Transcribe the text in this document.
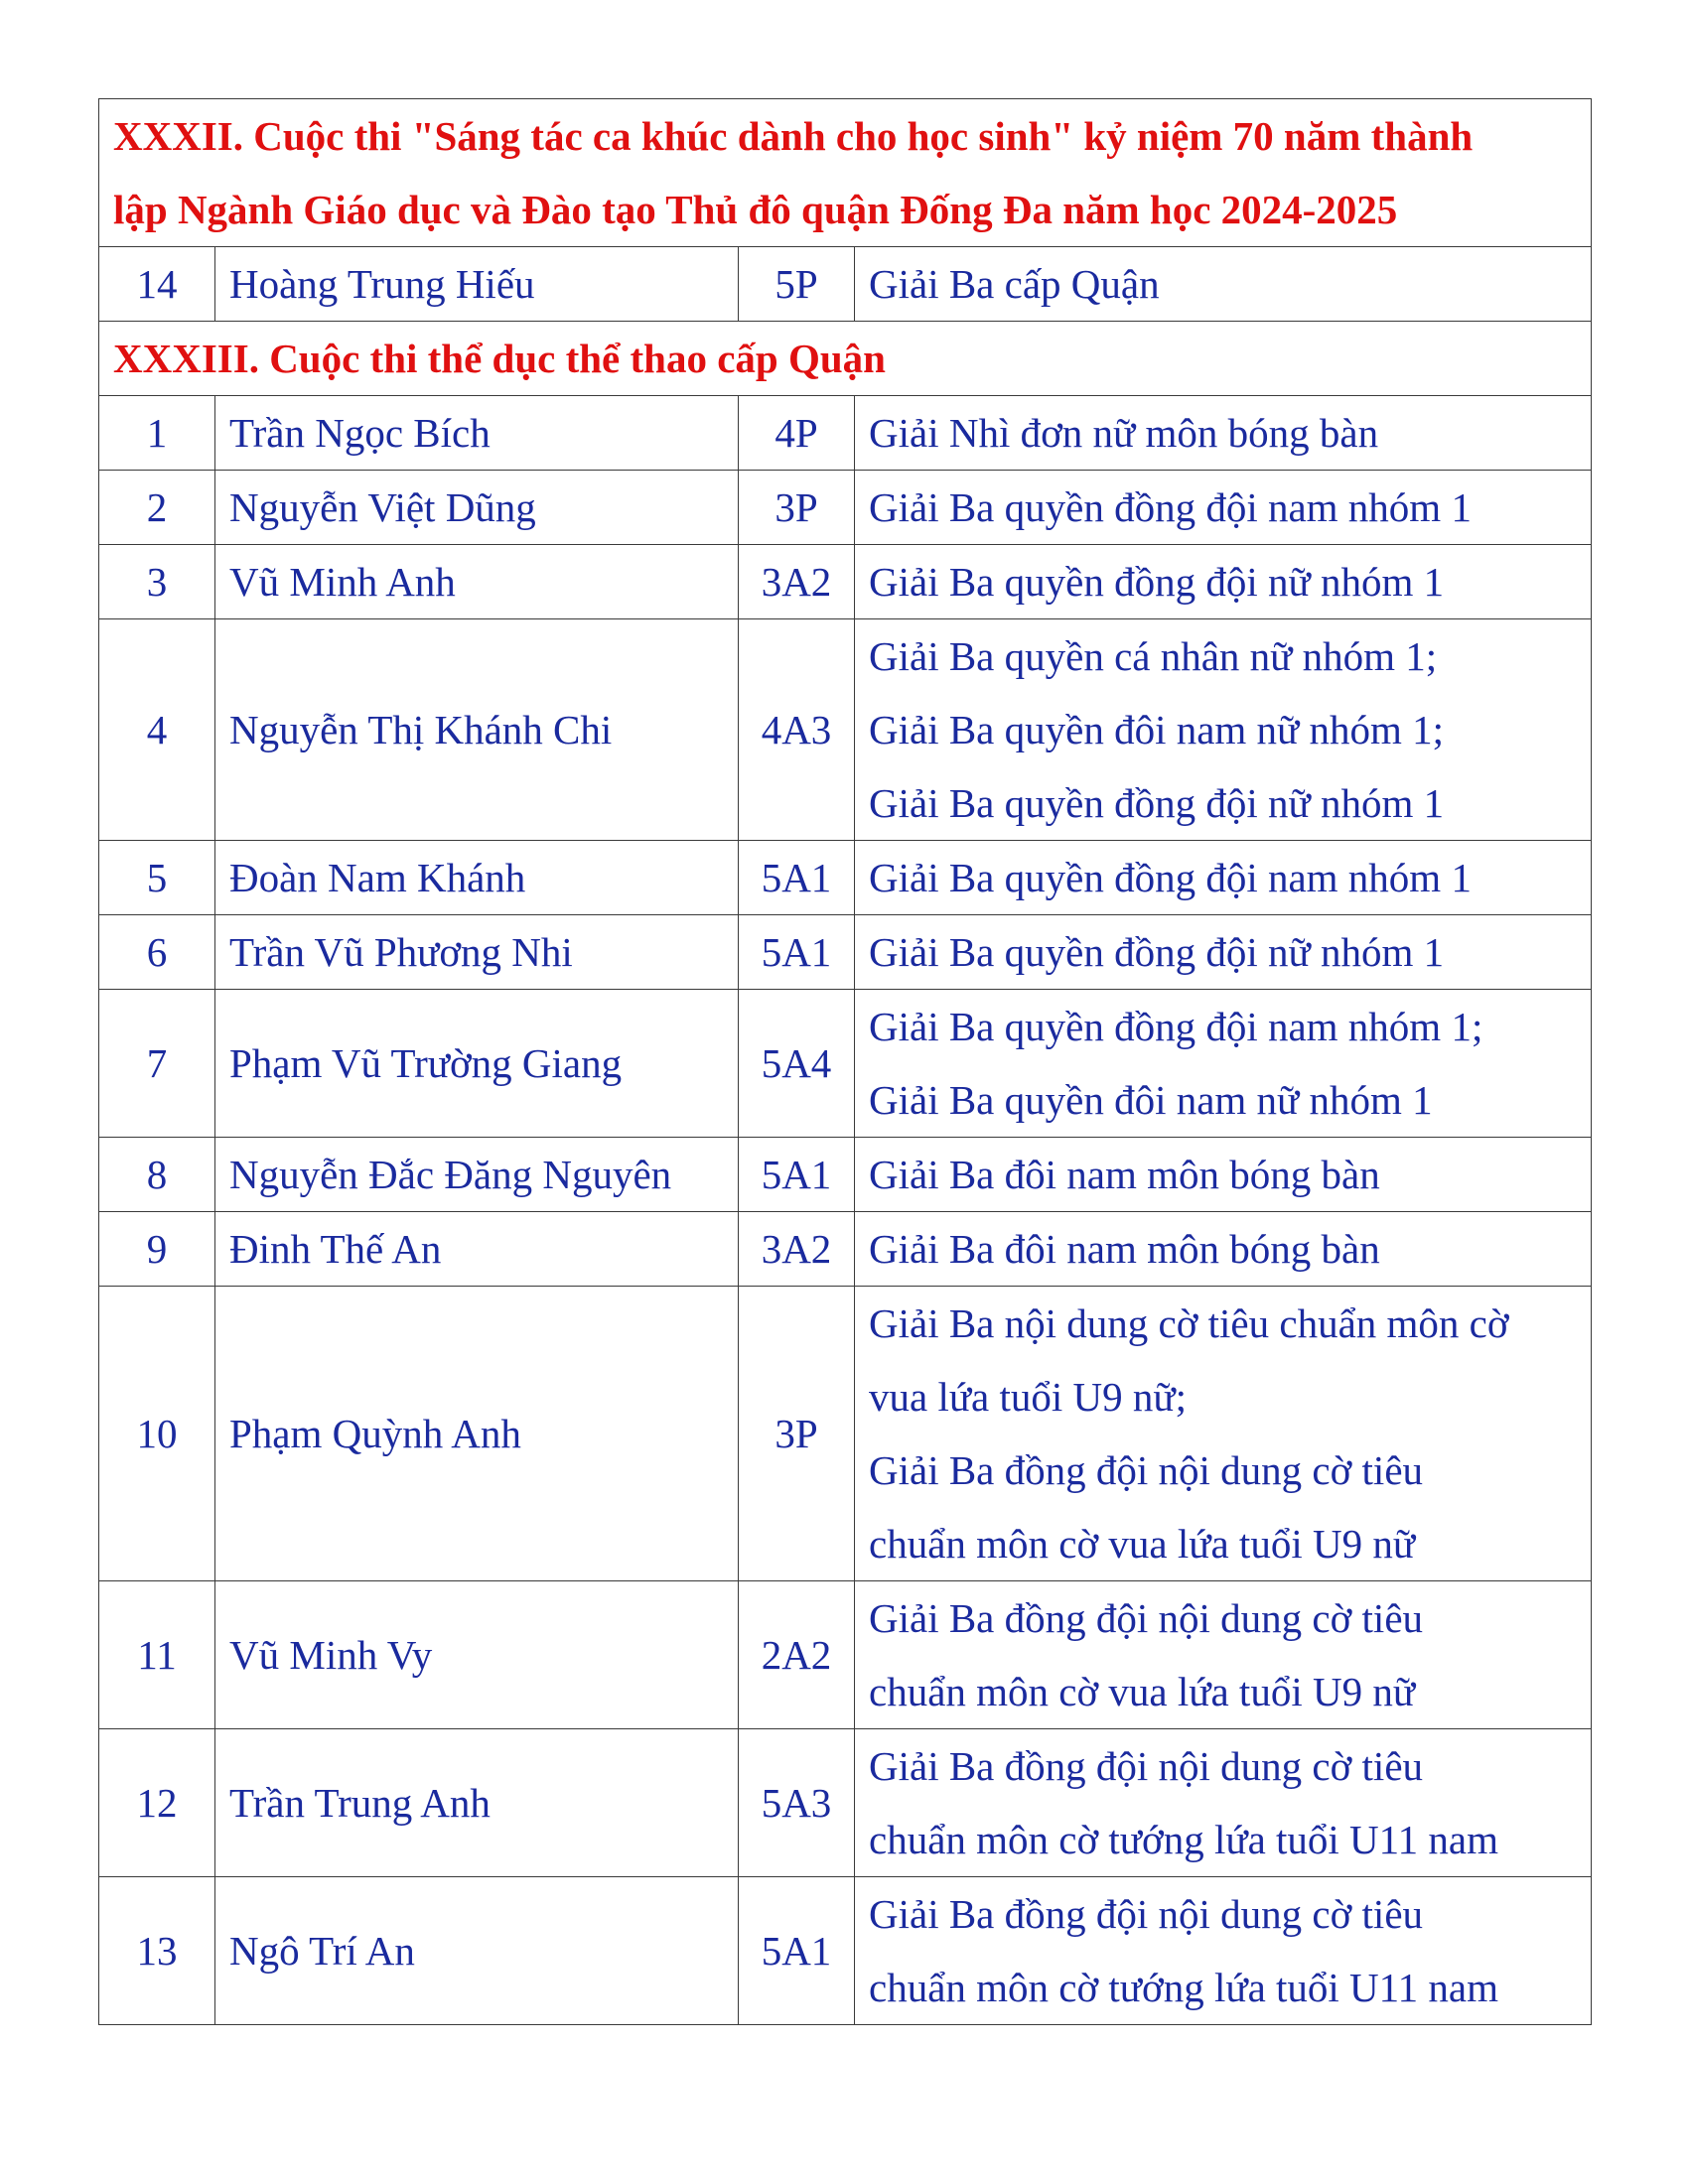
XXXII. Cuộc thi "Sáng tác ca khúc dành cho học sinh" kỷ niệm 70 năm thành
lập Ngành Giáo dục và Đào tạo Thủ đô quận Đống Đa năm học 2024-2025			

14	Hoàng Trung Hiếu	5P	Giải Ba cấp Quận

XXXIII. Cuộc thi thể dục thể thao cấp Quận			

1	Trần Ngọc Bích	4P	Giải Nhì đơn nữ môn bóng bàn

2	Nguyễn Việt Dũng	3P	Giải Ba quyền đồng đội nam nhóm 1

3	Vũ Minh Anh	3A2	Giải Ba quyền đồng đội nữ nhóm 1

4	Nguyễn Thị Khánh Chi	4A3	Giải Ba quyền cá nhân nữ nhóm 1;
Giải Ba quyền đôi nam nữ nhóm 1;
Giải Ba quyền đồng đội nữ nhóm 1

5	Đoàn Nam Khánh	5A1	Giải Ba quyền đồng đội nam nhóm 1

6	Trần Vũ Phương Nhi	5A1	Giải Ba quyền đồng đội nữ nhóm 1

7	Phạm Vũ Trường Giang	5A4	Giải Ba quyền đồng đội nam nhóm 1;
Giải Ba quyền đôi nam nữ nhóm 1

8	Nguyễn Đắc Đăng Nguyên	5A1	Giải Ba đôi nam môn bóng bàn

9	Đinh Thế An	3A2	Giải Ba đôi nam môn bóng bàn

10	Phạm Quỳnh Anh	3P	Giải Ba nội dung cờ tiêu chuẩn môn cờ
vua lứa tuổi U9 nữ;
Giải Ba đồng đội nội dung cờ tiêu
chuẩn môn cờ vua lứa tuổi U9 nữ

11	Vũ Minh Vy	2A2	Giải Ba đồng đội nội dung cờ tiêu
chuẩn môn cờ vua lứa tuổi U9 nữ

12	Trần Trung Anh	5A3	Giải Ba đồng đội nội dung cờ tiêu
chuẩn môn cờ tướng lứa tuổi U11 nam

13	Ngô Trí An	5A1	Giải Ba đồng đội nội dung cờ tiêu
chuẩn môn cờ tướng lứa tuổi U11 nam
